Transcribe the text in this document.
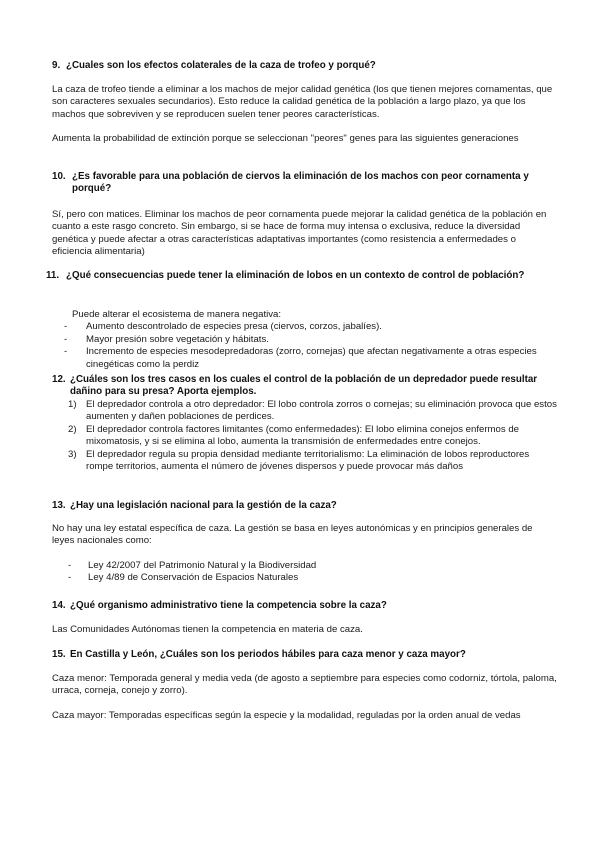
9. ¿Cuales son los efectos colaterales de la caza de trofeo y porqué?

La caza de trofeo tiende a eliminar a los machos de mejor calidad genética (los que tienen mejores cornamentas, que son caracteres sexuales secundarios). Esto reduce la calidad genética de la población a largo plazo, ya que los machos que sobreviven y se reproducen suelen tener peores características.

Aumenta la probabilidad de extinción porque se seleccionan "peores" genes para las siguientes generaciones

10. ¿Es favorable para una población de ciervos la eliminación de los machos con peor cornamenta y porqué?

Sí, pero con matices. Eliminar los machos de peor cornamenta puede mejorar la calidad genética de la población en cuanto a este rasgo concreto. Sin embargo, si se hace de forma muy intensa o exclusiva, reduce la diversidad genética y puede afectar a otras características adaptativas importantes (como resistencia a enfermedades o eficiencia alimentaria)

11. ¿Qué consecuencias puede tener la eliminación de lobos en un contexto de control de población?

Puede alterar el ecosistema de manera negativa:

-	Aumento descontrolado de especies presa (ciervos, corzos, jabalíes).
-	Mayor presión sobre vegetación y hábitats.
-	Incremento de especies mesodepredadoras (zorro, cornejas) que afectan negativamente a otras especies cinegéticas como la perdiz
12. ¿Cuáles son los tres casos en los cuales el control de la población de un depredador puede resultar dañino para su presa? Aporta ejemplos.
1) El depredador controla a otro depredador: El lobo controla zorros o cornejas; su eliminación provoca que estos aumenten y dañen poblaciones de perdices.
2) El depredador controla factores limitantes (como enfermedades): El lobo elimina conejos enfermos de mixomatosis, y si se elimina al lobo, aumenta la transmisión de enfermedades entre conejos.
3) El depredador regula su propia densidad mediante territorialismo: La eliminación de lobos reproductores rompe territorios, aumenta el número de jóvenes dispersos y puede provocar más daños
13. ¿Hay una legislación nacional para la gestión de la caza?

No hay una ley estatal específica de caza. La gestión se basa en leyes autonómicas y en principios generales de leyes nacionales como:

-	Ley 42/2007 del Patrimonio Natural y la Biodiversidad
-	Ley 4/89 de Conservación de Espacios Naturales
14. ¿Qué organismo administrativo tiene la competencia sobre la caza?

Las Comunidades Autónomas tienen la competencia en materia de caza.

15. En Castilla y León, ¿Cuáles son los periodos hábiles para caza menor y caza mayor?

Caza menor: Temporada general y media veda (de agosto a septiembre para especies como codorniz, tórtola, paloma, urraca, corneja, conejo y zorro).

Caza mayor: Temporadas específicas según la especie y la modalidad, reguladas por la orden anual de vedas
